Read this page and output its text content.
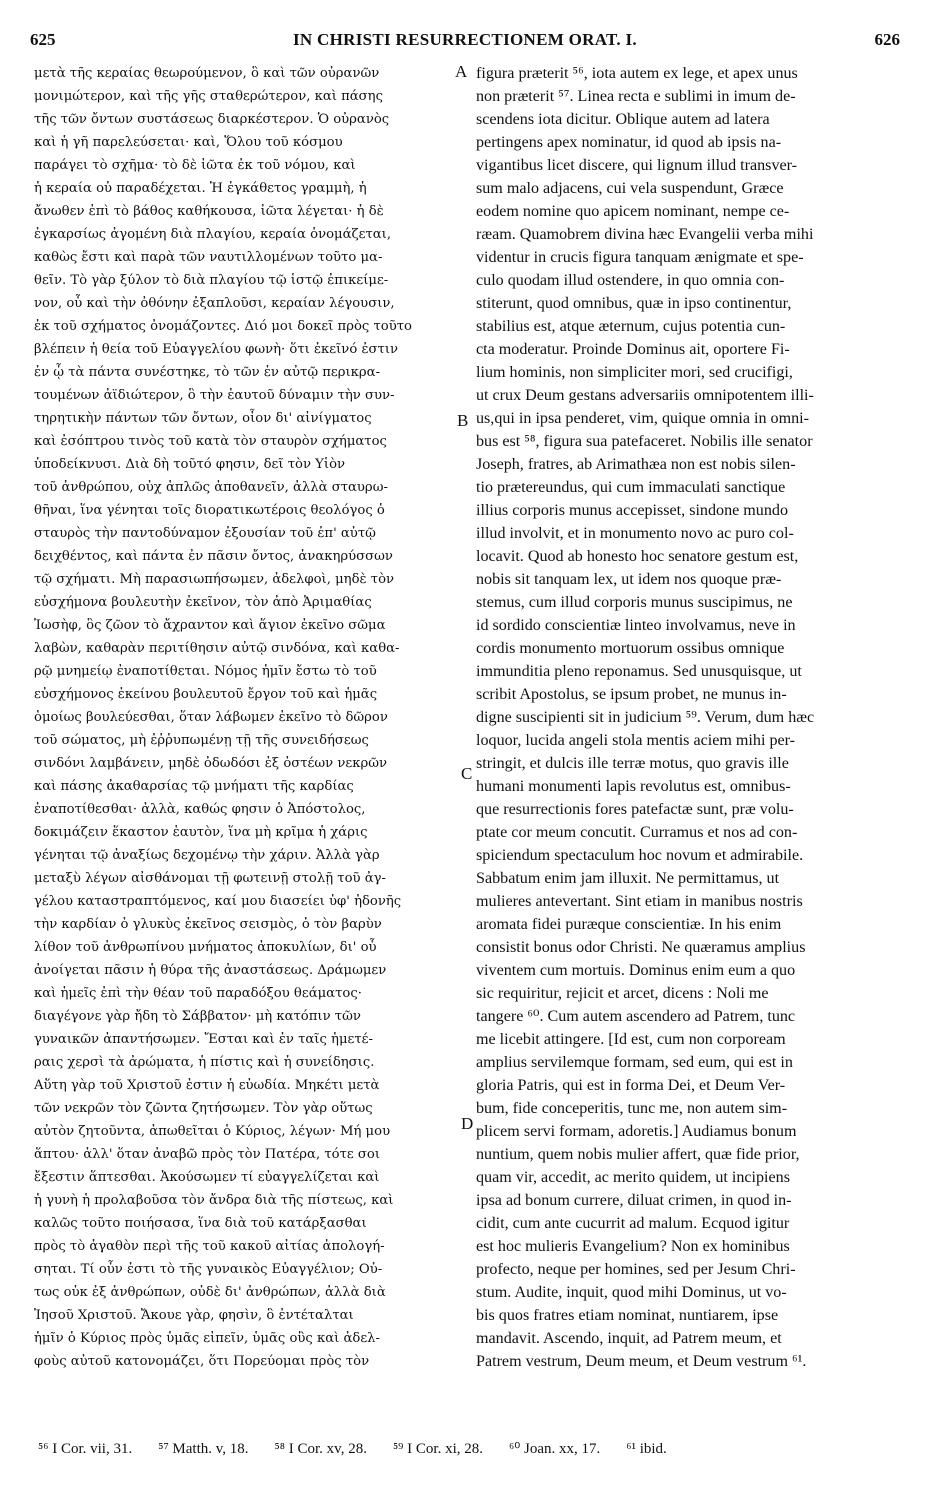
625	IN CHRISTI RESURRECTIONEM ORAT. I.	626
μετὰ τῆς κεραίας θεωρούμενον, ὃ καὶ τῶν οὐρανῶν
μονιμώτερον, καὶ τῆς γῆς σταθερώτερον, καὶ πάσης
τῆς τῶν ὄντων συστάσεως διαρκέστερον. Ὁ οὐρανὸς
καὶ ἡ γῆ παρελεύσεται· καὶ, Ὅλου τοῦ κόσμου
παράγει τὸ σχῆμα· τὸ δὲ ἰῶτα ἐκ τοῦ νόμου, καὶ
ἡ κεραία οὐ παραδέχεται. Ἡ ἐγκάθετος γραμμὴ, ἡ
ἄνωθεν ἐπὶ τὸ βάθος καθήκουσα, ἰῶτα λέγεται· ἡ δὲ
ἐγκαρσίως ἀγομένη διὰ πλαγίου, κεραία ὀνομάζεται,
καθὼς ἔστι καὶ παρὰ τῶν ναυτιλλομένων τοῦτο μα-
θεῖν. Τὸ γὰρ ξύλον τὸ διὰ πλαγίου τῷ ἱστῷ ἐπικείμε-
νον, οὗ καὶ τὴν ὀθόνην ἐξαπλοῦσι, κεραίαν λέγουσιν,
ἐκ τοῦ σχήματος ὀνομάζοντες. Διό μοι δοκεῖ πρὸς τοῦτο
βλέπειν ἡ θεία τοῦ Εὐαγγελίου φωνὴ· ὅτι ἐκεῖνό ἐστιν
ἐν ᾧ τὰ πάντα συνέστηκε, τὸ τῶν ἐν αὐτῷ περικρα-
τουμένων ἀϊδιώτερον, ὃ τὴν ἑαυτοῦ δύναμιν τὴν συν-
τηρητικὴν πάντων τῶν ὄντων, οἷον δι' αἰνίγματος
καὶ ἐσόπτρου τινὸς τοῦ κατὰ τὸν σταυρὸν σχήματος
ὑποδείκνυσι. Διὰ δὴ τοῦτό φησιν, δεῖ τὸν Υἱὸν
τοῦ ἀνθρώπου, οὐχ ἁπλῶς ἀποθανεῖν, ἀλλὰ σταυρω-
θῆναι, ἵνα γένηται τοῖς διορατικωτέροις θεολόγος ὁ
σταυρὸς τὴν παντοδύναμον ἐξουσίαν τοῦ ἐπ' αὐτῷ
δειχθέντος, καὶ πάντα ἐν πᾶσιν ὄντος, ἀνακηρύσσων
τῷ σχήματι. Μὴ παρασιωπήσωμεν, ἀδελφοὶ, μηδὲ τὸν
εὐσχήμονα βουλευτὴν ἐκεῖνον, τὸν ἀπὸ Ἀριμαθίας
Ἰωσὴφ, ὃς ζῶον τὸ ἄχραντον καὶ ἅγιον ἐκεῖνο σῶμα
λαβὼν, καθαρὰν περιτίθησιν αὐτῷ σινδόνα, καὶ καθα-
ρῷ μνημείῳ ἐναποτίθεται. Νόμος ἡμῖν ἔστω τὸ τοῦ
εὐσχήμονος ἐκείνου βουλευτοῦ ἔργον τοῦ καὶ ἡμᾶς
ὁμοίως βουλεύεσθαι, ὅταν λάβωμεν ἐκεῖνο τὸ δῶρον
τοῦ σώματος, μὴ ἐῤῥυπωμένῃ τῇ τῆς συνειδήσεως
σινδόνι λαμβάνειν, μηδὲ ὀδωδόσι ἐξ ὀστέων νεκρῶν
καὶ πάσης ἀκαθαρσίας τῷ μνήματι τῆς καρδίας
ἐναποτίθεσθαι· ἀλλὰ, καθώς φησιν ὁ Ἀπόστολος,
δοκιμάζειν ἕκαστον ἑαυτὸν, ἵνα μὴ κρῖμα ἡ χάρις
γένηται τῷ ἀναξίως δεχομένῳ τὴν χάριν. Ἀλλὰ γὰρ
μεταξὺ λέγων αἰσθάνομαι τῇ φωτεινῇ στολῇ τοῦ ἀγ-
γέλου καταστραπτόμενος, καί μου διασείει ὑφ' ἡδονῆς
τὴν καρδίαν ὁ γλυκὺς ἐκεῖνος σεισμὸς, ὁ τὸν βαρὺν
λίθον τοῦ ἀνθρωπίνου μνήματος ἀποκυλίων, δι' οὗ
ἀνοίγεται πᾶσιν ἡ θύρα τῆς ἀναστάσεως. Δράμωμεν
καὶ ἡμεῖς ἐπὶ τὴν θέαν τοῦ παραδόξου θεάματος·
διαγέγονε γὰρ ἤδη τὸ Σάββατον· μὴ κατόπιν τῶν
γυναικῶν ἀπαντήσωμεν. Ἔσται καὶ ἐν ταῖς ἡμετέ-
ραις χερσὶ τὰ ἀρώματα, ἡ πίστις καὶ ἡ συνείδησις.
Αὕτη γὰρ τοῦ Χριστοῦ ἐστιν ἡ εὐωδία. Μηκέτι μετὰ
τῶν νεκρῶν τὸν ζῶντα ζητήσωμεν. Τὸν γὰρ οὕτως
αὐτὸν ζητοῦντα, ἀπωθεῖται ὁ Κύριος, λέγων· Μή μου
ἅπτου· ἀλλ' ὅταν ἀναβῶ πρὸς τὸν Πατέρα, τότε σοι
ἔξεστιν ἅπτεσθαι. Ἀκούσωμεν τί εὐαγγελίζεται καὶ
ἡ γυνὴ ἡ προλαβοῦσα τὸν ἄνδρα διὰ τῆς πίστεως, καὶ
καλῶς τοῦτο ποιήσασα, ἵνα διὰ τοῦ κατάρξασθαι
πρὸς τὸ ἀγαθὸν περὶ τῆς τοῦ κακοῦ αἰτίας ἀπολογή-
σηται. Τί οὖν ἐστι τὸ τῆς γυναικὸς Εὐαγγέλιον; Οὐ-
τως οὐκ ἐξ ἀνθρώπων, οὐδὲ δι' ἀνθρώπων, ἀλλὰ διὰ
Ἰησοῦ Χριστοῦ. Ἄκουε γὰρ, φησὶν, ὃ ἐντέταλται
ἡμῖν ὁ Κύριος πρὸς ὑμᾶς εἰπεῖν, ὑμᾶς οὓς καὶ ἀδελ-
φοὺς αὐτοῦ κατονομάζει, ὅτι Πορεύομαι πρὸς τὸν
figura præterit ⁵⁶, iota autem ex lege, et apex unus
non præterit ⁵⁷. Linea recta e sublimi in imum de-
scendens iota dicitur. Oblique autem ad latera
pertingens apex nominatur, id quod ab ipsis na-
vigantibus licet discere, qui lignum illud transver-
sum malo adjacens, cui vela suspendunt, Græce
eodem nomine quo apicem nominant, nempe ce-
ræam. Quamobrem divina hæc Evangelii verba mihi
videntur in crucis figura tanquam ænigmate et spe-
culo quodam illud ostendere, in quo omnia con-
stiterunt, quod omnibus, quæ in ipso continentur,
stabilius est, atque æternum, cujus potentia cun-
cta moderatur. Proinde Dominus ait, oportere Fi-
lium hominis, non simpliciter mori, sed crucifigi,
ut crux Deum gestans adversariis omnipotentem illi-
us,qui in ipsa penderet, vim, quique omnia in omni-
bus est ⁵⁸, figura sua patefaceret. Nobilis ille senator
Joseph, fratres, ab Arimathæa non est nobis silen-
tio prætereundus, qui cum immaculati sanctique
illius corporis munus accepisset, sindone mundo
illud involvit, et in monumento novo ac puro col-
locavit. Quod ab honesto hoc senatore gestum est,
nobis sit tanquam lex, ut idem nos quoque præ-
stemus, cum illud corporis munus suscipimus, ne
id sordido conscientiæ linteo involvamus, neve in
cordis monumento mortuorum ossibus omnique
immunditia pleno reponamus. Sed unusquisque, ut
scribit Apostolus, se ipsum probet, ne munus in-
digne suscipienti sit in judicium ⁵⁹. Verum, dum hæc
loquor, lucida angeli stola mentis aciem mihi per-
stringit, et dulcis ille terræ motus, quo gravis ille
humani monumenti lapis revolutus est, omnibus-
que resurrectionis fores patefactæ sunt, præ volu-
ptate cor meum concutit. Curramus et nos ad con-
spiciendum spectaculum hoc novum et admirabile.
Sabbatum enim jam illuxit. Ne permittamus, ut
mulieres antevertant. Sint etiam in manibus nostris
aromata fidei puræque conscientiæ. In his enim
consistit bonus odor Christi. Ne quæramus amplius
viventem cum mortuis. Dominus enim eum a quo
sic requiritur, rejicit et arcet, dicens : Noli me
tangere ⁶⁰. Cum autem ascendero ad Patrem, tunc
me licebit attingere. [Id est, cum non corpoream
amplius servilemque formam, sed eum, qui est in
gloria Patris, qui est in forma Dei, et Deum Ver-
bum, fide conceperitis, tunc me, non autem sim-
plicem servi formam, adoretis.] Audiamus bonum
nuntium, quem nobis mulier affert, quæ fide prior,
quam vir, accedit, ac merito quidem, ut incipiens
ipsa ad bonum currere, diluat crimen, in quod in-
cidit, cum ante cucurrit ad malum. Ecquod igitur
est hoc mulieris Evangelium? Non ex hominibus
profecto, neque per homines, sed per Jesum Chri-
stum. Audite, inquit, quod mihi Dominus, ut vo-
bis quos fratres etiam nominat, nuntiarem, ipse
mandavit. Ascendo, inquit, ad Patrem meum, et
Patrem vestrum, Deum meum, et Deum vestrum ⁶¹.
A
B
C
D
⁵⁶ I Cor. vii, 31. ⁵⁷ Matth. v, 18. ⁵⁸ I Cor. xv, 28. ⁵⁹ I Cor. xi, 28. ⁶⁰ Joan. xx, 17. ⁶¹ ibid.
